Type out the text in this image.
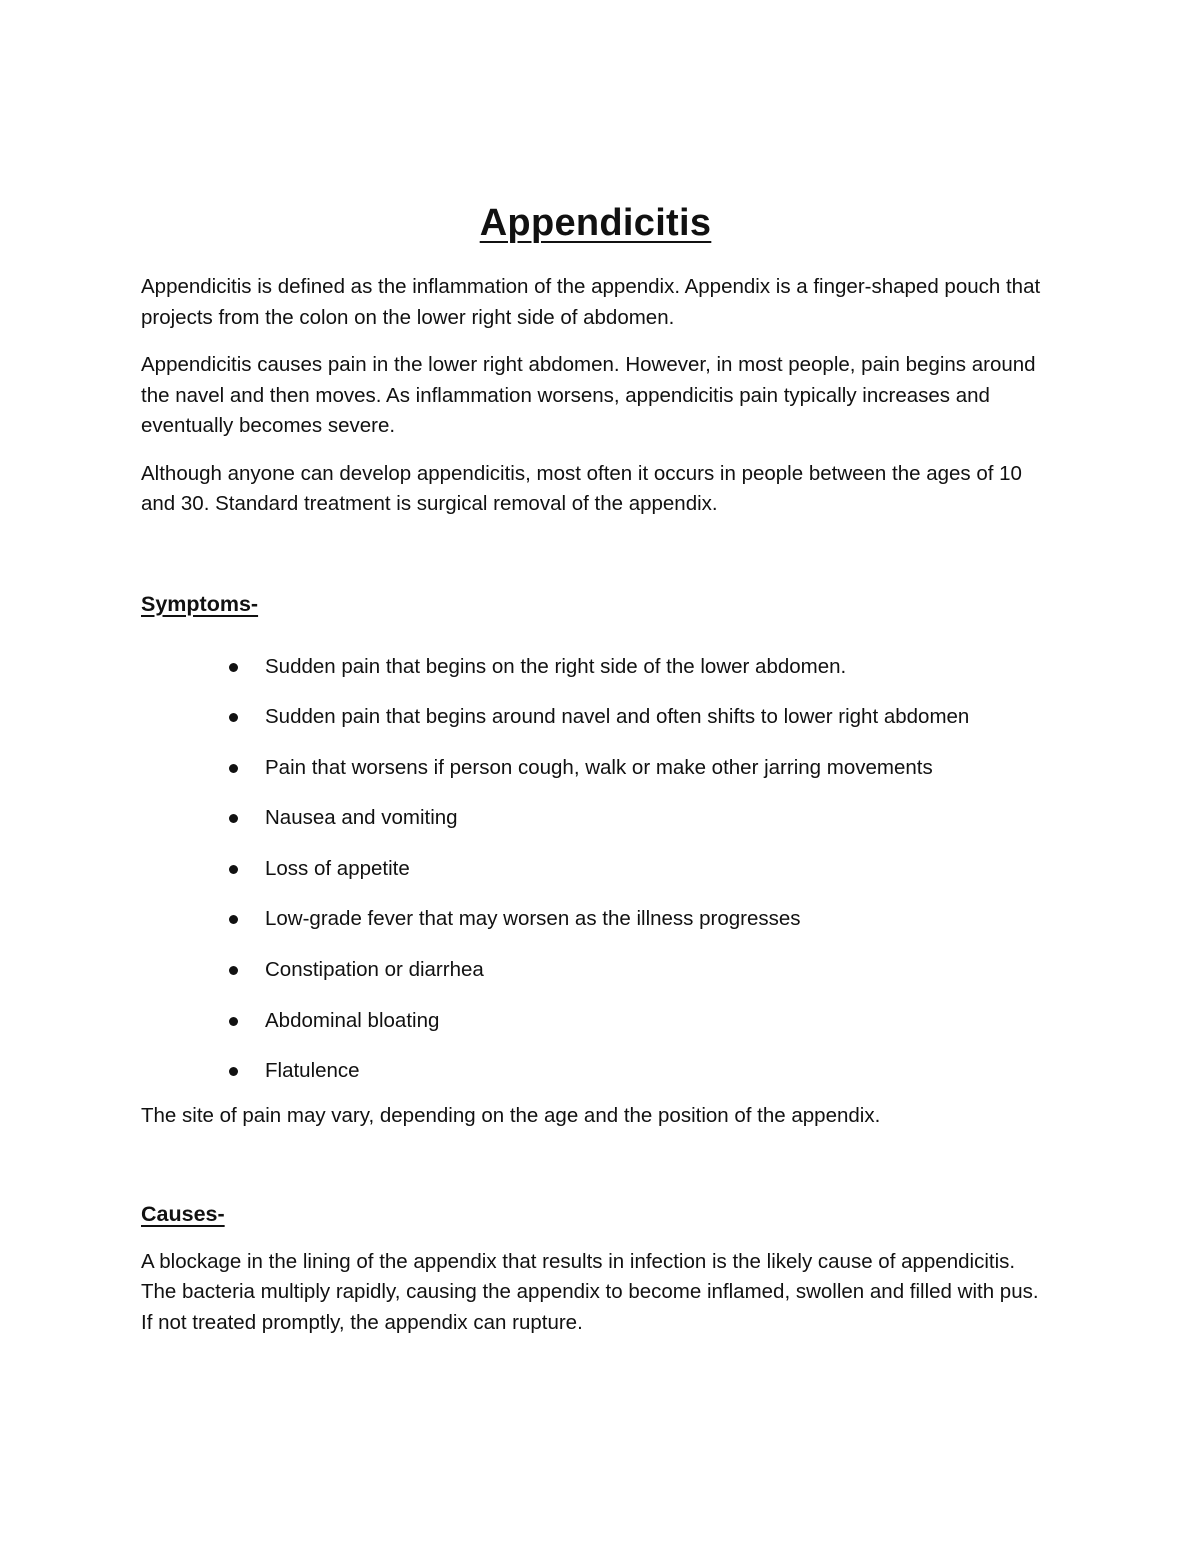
Appendicitis

Appendicitis is defined as the inflammation of the appendix. Appendix is a finger-shaped pouch that projects from the colon on the lower right side of abdomen.

Appendicitis causes pain in the lower right abdomen. However, in most people, pain begins around the navel and then moves. As inflammation worsens, appendicitis pain typically increases and eventually becomes severe.

Although anyone can develop appendicitis, most often it occurs in people between the ages of 10 and 30. Standard treatment is surgical removal of the appendix.

Symptoms-
Sudden pain that begins on the right side of the lower abdomen.
Sudden pain that begins around navel and often shifts to lower right abdomen
Pain that worsens if person cough, walk or make other jarring movements
Nausea and vomiting
Loss of appetite
Low-grade fever that may worsen as the illness progresses
Constipation or diarrhea
Abdominal bloating
Flatulence

The site of pain may vary, depending on the age and the position of the appendix.

Causes-

A blockage in the lining of the appendix that results in infection is the likely cause of appendicitis. The bacteria multiply rapidly, causing the appendix to become inflamed, swollen and filled with pus. If not treated promptly, the appendix can rupture.
